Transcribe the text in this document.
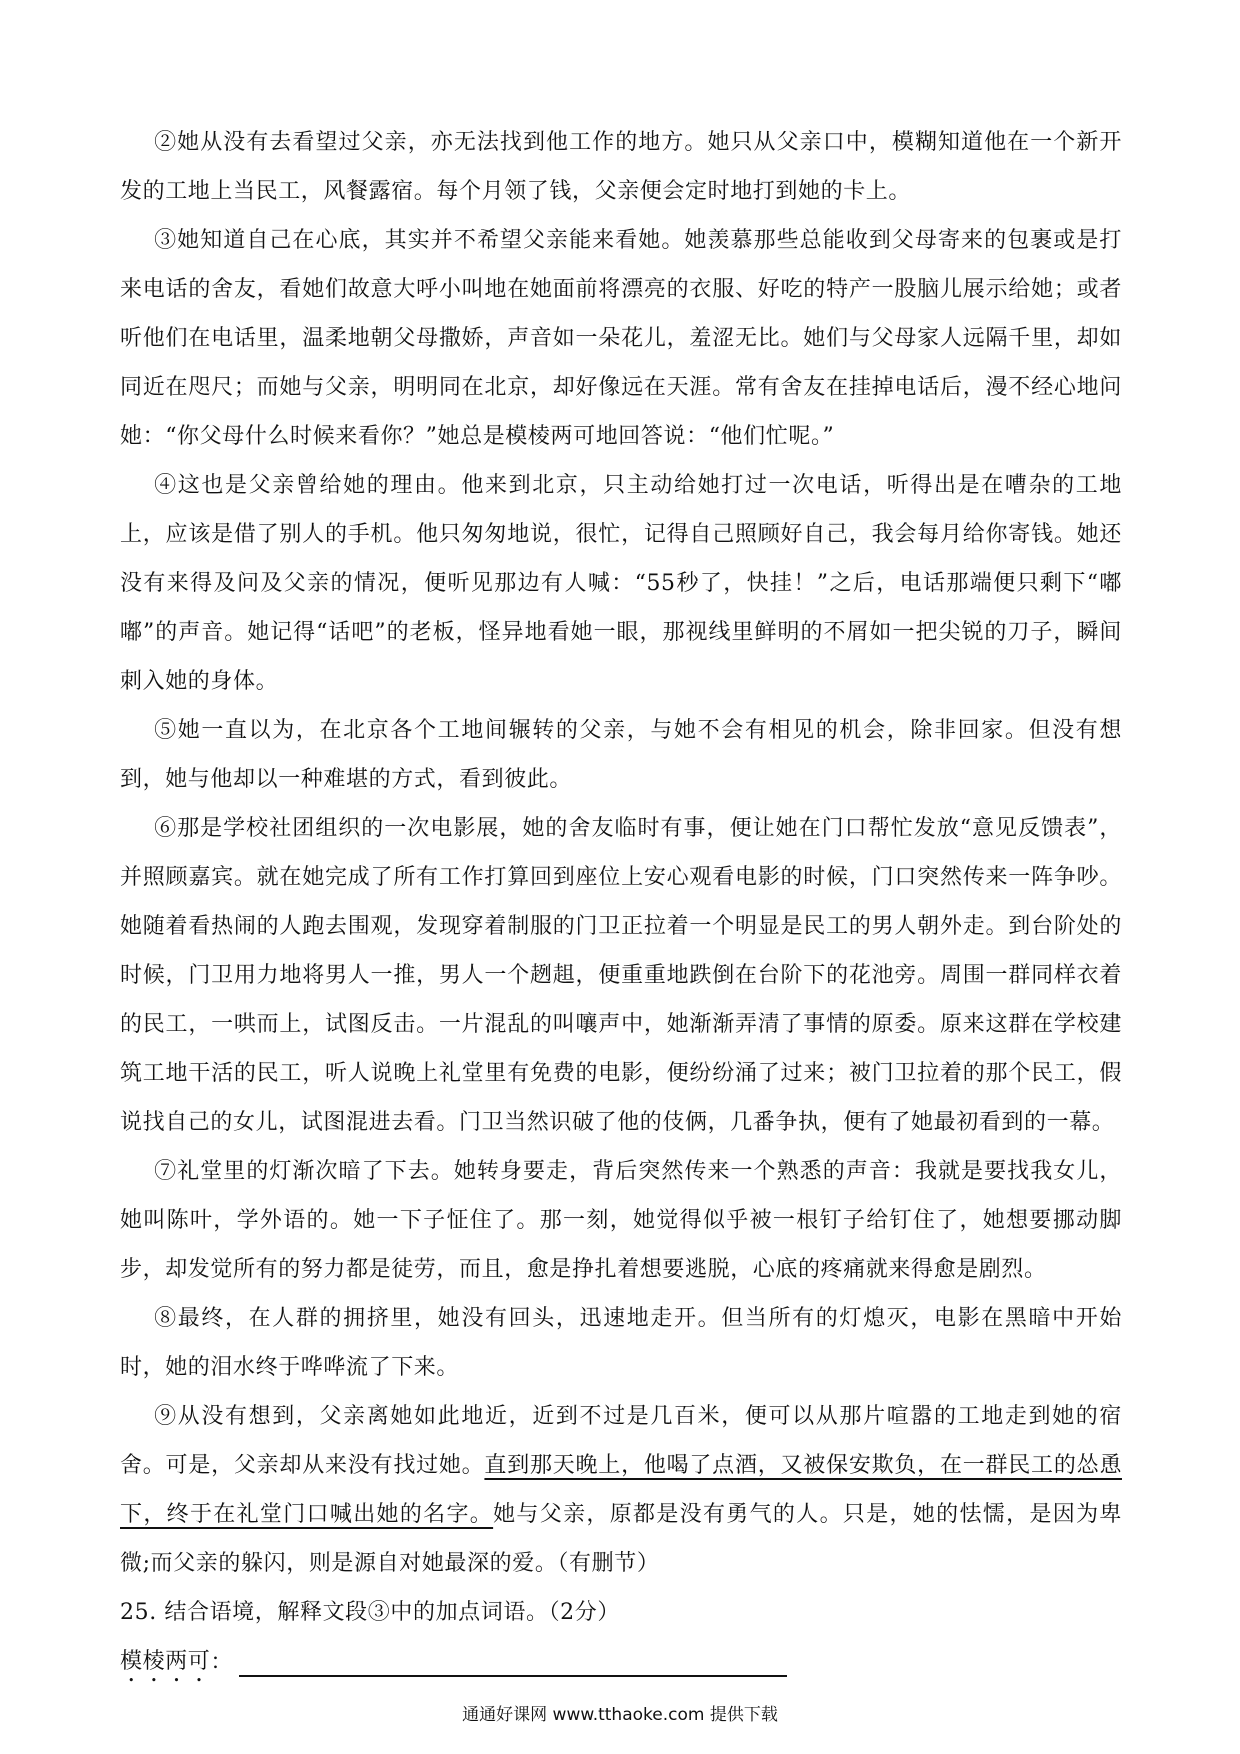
②她从没有去看望过父亲，亦无法找到他工作的地方。她只从父亲口中，模糊知道他在一个新开发的工地上当民工，风餐露宿。每个月领了钱，父亲便会定时地打到她的卡上。

③她知道自己在心底，其实并不希望父亲能来看她。她羡慕那些总能收到父母寄来的包裹或是打来电话的舍友，看她们故意大呼小叫地在她面前将漂亮的衣服、好吃的特产一股脑儿展示给她；或者听他们在电话里，温柔地朝父母撒娇，声音如一朵花儿，羞涩无比。她们与父母家人远隔千里，却如同近在咫尺；而她与父亲，明明同在北京，却好像远在天涯。常有舍友在挂掉电话后，漫不经心地问她：“你父母什么时候来看你？”她总是模棱两可地回答说：“他们忙呢。”

④这也是父亲曾给她的理由。他来到北京，只主动给她打过一次电话，听得出是在嘈杂的工地上，应该是借了别人的手机。他只匆匆地说，很忙，记得自己照顾好自己，我会每月给你寄钱。她还没有来得及问及父亲的情况，便听见那边有人喊：“55秒了，快挂！”之后，电话那端便只剩下“嘟嘟”的声音。她记得“话吧”的老板，怪异地看她一眼，那视线里鲜明的不屑如一把尖锐的刀子，瞬间刺入她的身体。

⑤她一直以为，在北京各个工地间辗转的父亲，与她不会有相见的机会，除非回家。但没有想到，她与他却以一种难堪的方式，看到彼此。

⑥那是学校社团组织的一次电影展，她的舍友临时有事，便让她在门口帮忙发放“意见反馈表”，并照顾嘉宾。就在她完成了所有工作打算回到座位上安心观看电影的时候，门口突然传来一阵争吵。她随着看热闹的人跑去围观，发现穿着制服的门卫正拉着一个明显是民工的男人朝外走。到台阶处的时候，门卫用力地将男人一推，男人一个趔趄，便重重地跌倒在台阶下的花池旁。周围一群同样衣着的民工，一哄而上，试图反击。一片混乱的叫嚷声中，她渐渐弄清了事情的原委。原来这群在学校建筑工地干活的民工，听人说晚上礼堂里有免费的电影，便纷纷涌了过来；被门卫拉着的那个民工，假说找自己的女儿，试图混进去看。门卫当然识破了他的伎俩，几番争执，便有了她最初看到的一幕。

⑦礼堂里的灯渐次暗了下去。她转身要走，背后突然传来一个熟悉的声音：我就是要找我女儿，她叫陈叶，学外语的。她一下子怔住了。那一刻，她觉得似乎被一根钉子给钉住了，她想要挪动脚步，却发觉所有的努力都是徒劳，而且，愈是挣扎着想要逃脱，心底的疼痛就来得愈是剧烈。

⑧最终，在人群的拥挤里，她没有回头，迅速地走开。但当所有的灯熄灭，电影在黑暗中开始时，她的泪水终于哗哗流了下来。

⑨从没有想到，父亲离她如此地近，近到不过是几百米，便可以从那片喧嚣的工地走到她的宿舍。可是，父亲却从来没有找过她。直到那天晚上，他喝了点酒，又被保安欺负，在一群民工的怂恿下，终于在礼堂门口喊出她的名字。她与父亲，原都是没有勇气的人。只是，她的怯懦，是因为卑微;而父亲的躲闪，则是源自对她最深的爱。（有删节）

25. 结合语境，解释文段③中的加点词语。（2分）

模棱两可 ：

通通好课网 www.tthaoke.com 提供下载
